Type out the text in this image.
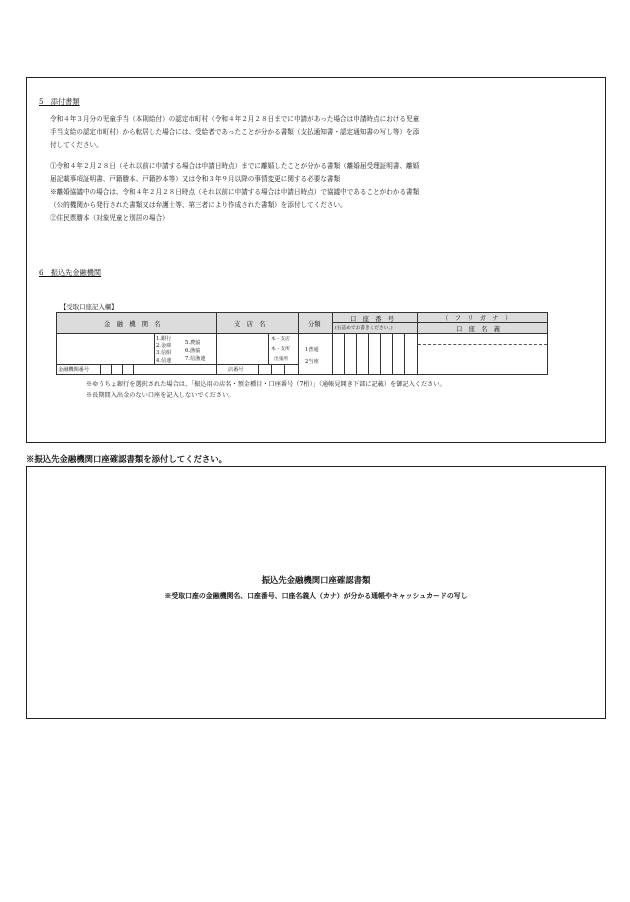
5　添付書類
令和４年３月分の児童手当（本則給付）の認定市町村（令和４年２月２８日までに申請があった場合は申請時点における児童
手当支給の認定市町村）から転居した場合には、受給者であったことが分かる書類（支払通知書・認定通知書の写し等）を添
付してください。
①令和４年２月２８日（それ以前に申請する場合は申請日時点）までに離婚したことが分かる書類（離婚届受理証明書、離婚
届記載事項証明書、戸籍謄本、戸籍抄本等）又は令和３年９月以降の事情変更に関する必要な書類
※離婚協議中の場合は、令和４年２月２８日時点（それ以前に申請する場合は申請日時点）で協議中であることがわかる書類
（公的機関から発行された書類又は弁護士等、第三者により作成された書類）を添付してください。
②住民票謄本（対象児童と別居の場合）
6　振込先金融機関
【受取口座記入欄】
金　融　機　関　名	支　店　名	分類
口　座　番　号
(右詰めでお書きください。)
（　フ　リ　ガ　ナ　）
口　座　名　義
1.銀行
2.金庫
3.信組
4.信連
5.農協
6.漁協
7.信漁連
金融機関番号
本・支店
本・支所
出張所
店番号
1普通
2当座
※ゆうちょ銀行を選択された場合は、「振込用の店名・預金種目・口座番号（7桁）」（通帳見開き下部に記載）を御記入ください。
※長期間入出金のない口座を記入しないでください。
※振込先金融機関口座確認書類を添付してください。
振込先金融機関口座確認書類
※受取口座の金融機関名、口座番号、口座名義人（カナ）が分かる通帳やキャッシュカードの写し
